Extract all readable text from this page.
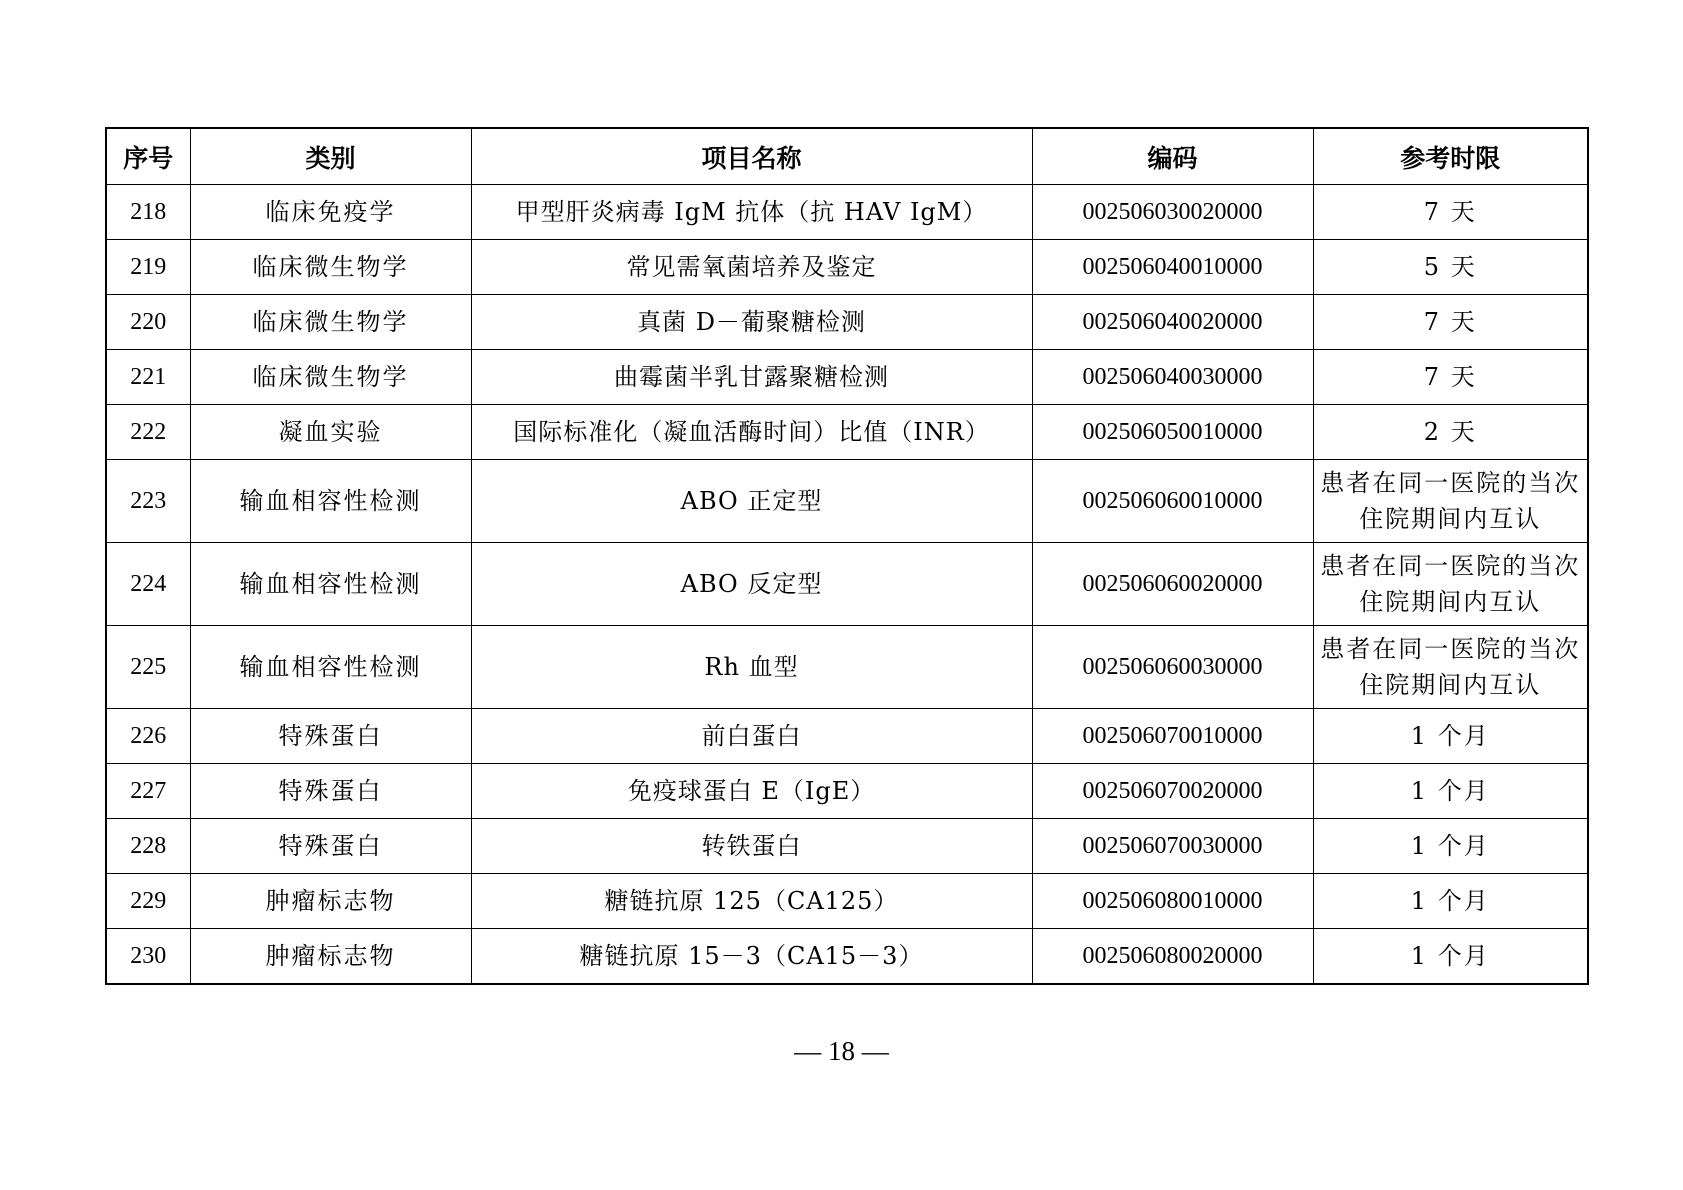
序号	类别	项目名称	编码	参考时限
218	临床免疫学	甲型肝炎病毒 IgM 抗体（抗 HAV IgM）	002506030020000	7 天
219	临床微生物学	常见需氧菌培养及鉴定	002506040010000	5 天
220	临床微生物学	真菌 D－葡聚糖检测	002506040020000	7 天
221	临床微生物学	曲霉菌半乳甘露聚糖检测	002506040030000	7 天
222	凝血实验	国际标准化（凝血活酶时间）比值（INR）	002506050010000	2 天
223	输血相容性检测	ABO 正定型	002506060010000	患者在同一医院的当次住院期间内互认
224	输血相容性检测	ABO 反定型	002506060020000	患者在同一医院的当次住院期间内互认
225	输血相容性检测	Rh 血型	002506060030000	患者在同一医院的当次住院期间内互认
226	特殊蛋白	前白蛋白	002506070010000	1 个月
227	特殊蛋白	免疫球蛋白 E（IgE）	002506070020000	1 个月
228	特殊蛋白	转铁蛋白	002506070030000	1 个月
229	肿瘤标志物	糖链抗原 125（CA125）	002506080010000	1 个月
230	肿瘤标志物	糖链抗原 15－3（CA15－3）	002506080020000	1 个月
— 18 —
